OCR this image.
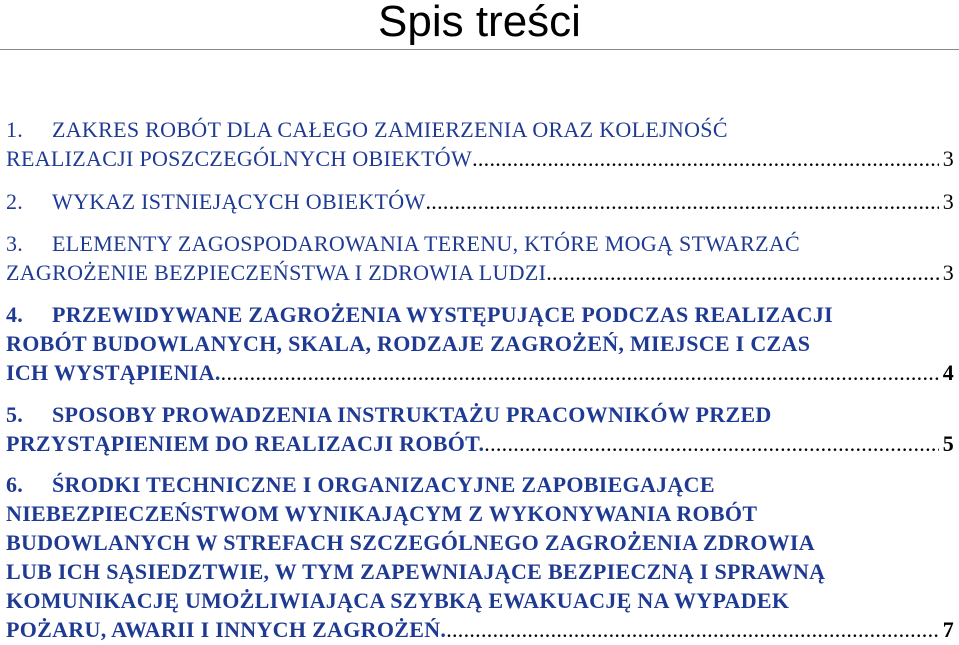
Spis treści
1. ZAKRES ROBÓT DLA CAŁEGO ZAMIERZENIA ORAZ KOLEJNOŚĆ
REALIZACJI POSZCZEGÓLNYCH OBIEKTÓW .....	3
2. WYKAZ ISTNIEJĄCYCH OBIEKTÓW .....	3
3. ELEMENTY ZAGOSPODAROWANIA TERENU, KTÓRE MOGĄ STWARZAĆ
ZAGROŻENIE BEZPIECZEŃSTWA I ZDROWIA LUDZI .....	3
4. PRZEWIDYWANE ZAGROŻENIA WYSTĘPUJĄCE PODCZAS REALIZACJI
ROBÓT BUDOWLANYCH, SKALA, RODZAJE ZAGROŻEŃ, MIEJSCE I CZAS
ICH WYSTĄPIENIA. .....	4
5. SPOSOBY PROWADZENIA INSTRUKTAŻU PRACOWNIKÓW PRZED
PRZYSTĄPIENIEM DO REALIZACJI ROBÓT. .....	5
6. ŚRODKI TECHNICZNE I ORGANIZACYJNE ZAPOBIEGAJĄCE
NIEBEZPIECZEŃSTWOM WYNIKAJĄCYM Z WYKONYWANIA ROBÓT
BUDOWLANYCH W STREFACH SZCZEGÓLNEGO ZAGROŻENIA ZDROWIA
LUB ICH SĄSIEDZTWIE, W TYM ZAPEWNIAJĄCE BEZPIECZNĄ I SPRAWNĄ
KOMUNIKACJĘ UMOŻLIWIAJĄCA SZYBKĄ EWAKUACJĘ NA WYPADEK
POŻARU, AWARII I INNYCH ZAGROŻEŃ. .....	7
